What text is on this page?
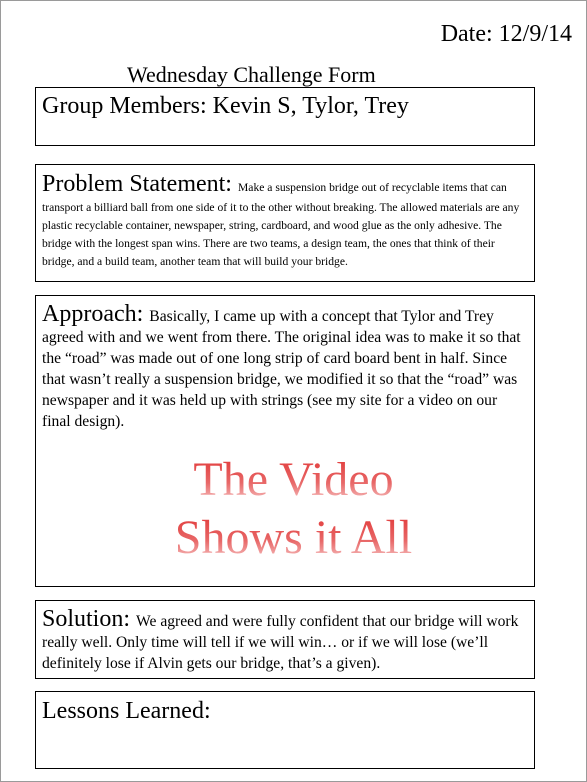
Date: 12/9/14
Wednesday Challenge Form
Group Members: Kevin S, Tylor, Trey
Problem Statement: Make a suspension bridge out of recyclable items that can transport a billiard ball from one side of it to the other without breaking. The allowed materials are any plastic recyclable container, newspaper, string, cardboard, and wood glue as the only adhesive. The bridge with the longest span wins. There are two teams, a design team, the ones that think of their bridge, and a build team, another team that will build your bridge.
Approach: Basically, I came up with a concept that Tylor and Trey agreed with and we went from there. The original idea was to make it so that the “road” was made out of one long strip of card board bent in half. Since that wasn’t really a suspension bridge, we modified it so that the “road” was newspaper and it was held up with strings (see my site for a video on our final design).
The Video
Shows it All
Solution: We agreed and were fully confident that our bridge will work really well. Only time will tell if we will win… or if we will lose (we’ll definitely lose if Alvin gets our bridge, that’s a given).
Lessons Learned:
